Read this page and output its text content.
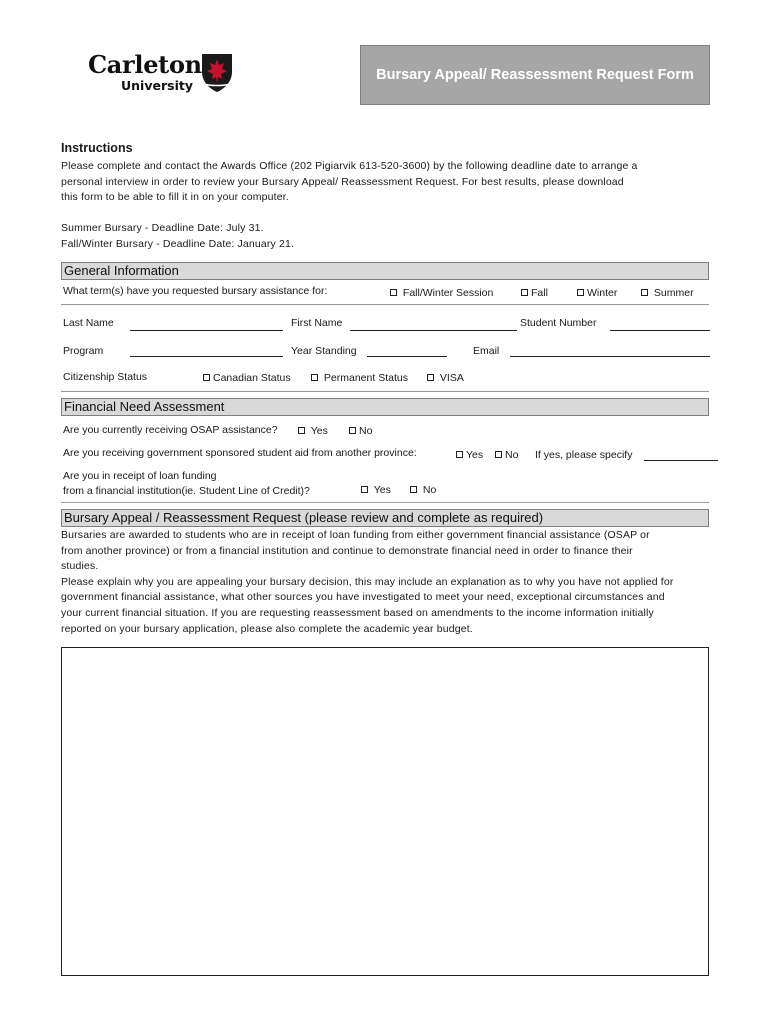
Carleton
University
Bursary Appeal/ Reassessment Request Form
Instructions
Please complete and contact the Awards Office (202 Pigiarvik 613-520-3600) by the following deadline date to arrange a
personal interview in order to review your Bursary Appeal/ Reassessment Request. For best results, please download
this form to be able to fill it in on your computer.
Summer Bursary - Deadline Date: July 31.
Fall/Winter Bursary - Deadline Date: January 21.
General Information
What term(s) have you requested bursary assistance for:	Fall/Winter Session	Fall	Winter	Summer
Last Name	First Name	Student Number
Program	Year Standing	Email
Citizenship Status	Canadian Status	Permanent Status	VISA
Financial Need Assessment
Are you currently receiving OSAP assistance?	Yes	No
Are you receiving government sponsored student aid from another province:	Yes	No If yes, please specify
Are you in receipt of loan funding
from a financial institution(ie. Student Line of Credit)?	Yes	No
Bursary Appeal / Reassessment Request (please review and complete as required)
Bursaries are awarded to students who are in receipt of loan funding from either government financial assistance (OSAP or
from another province) or from a financial institution and continue to demonstrate financial need in order to finance their
studies.
Please explain why you are appealing your bursary decision, this may include an explanation as to why you have not applied for
government financial assistance, what other sources you have investigated to meet your need, exceptional circumstances and
your current financial situation. If you are requesting reassessment based on amendments to the income information initially
reported on your bursary application, please also complete the academic year budget.
